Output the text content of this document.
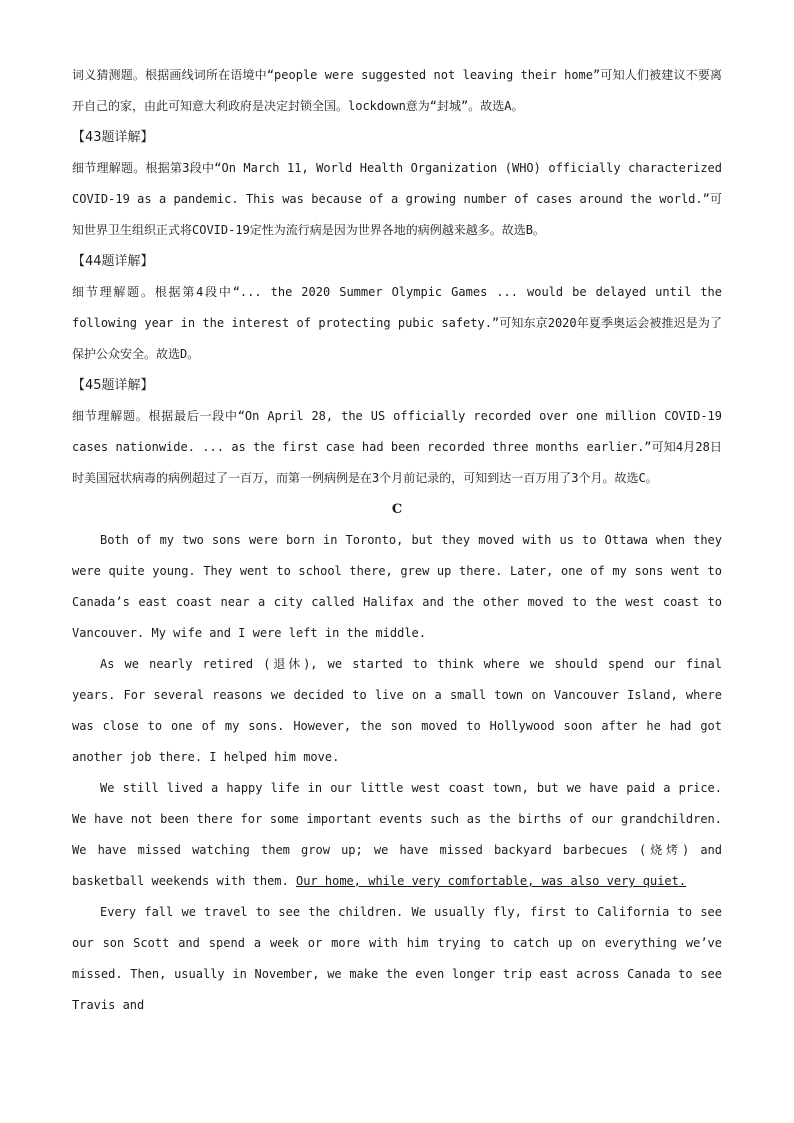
词义猜测题。根据画线词所在语境中“people were suggested not leaving their home”可知人们被建议不要离开自己的家，由此可知意大利政府是决定封锁全国。lockdown意为“封城”。故选A。

【43题详解】

细节理解题。根据第3段中“On March 11, World Health Organization (WHO) officially characterized COVID-19 as a pandemic. This was because of a growing number of cases around the world.”可知世界卫生组织正式将COVID-19定性为流行病是因为世界各地的病例越来越多。故选B。

【44题详解】

细节理解题。根据第4段中“... the 2020 Summer Olympic Games ... would be delayed until the following year in the interest of protecting pubic safety.”可知东京2020年夏季奥运会被推迟是为了保护公众安全。故选D。

【45题详解】

细节理解题。根据最后一段中“On April 28, the US officially recorded over one million COVID-19 cases nationwide. ... as the first case had been recorded three months earlier.”可知4月28日时美国冠状病毒的病例超过了一百万，而第一例病例是在3个月前记录的，可知到达一百万用了3个月。故选C。

C

Both of my two sons were born in Toronto, but they moved with us to Ottawa when they were quite young. They went to school there, grew up there. Later, one of my sons went to Canada’s east coast near a city called Halifax and the other moved to the west coast to Vancouver. My wife and I were left in the middle.

As we nearly retired (退休), we started to think where we should spend our final years. For several reasons we decided to live on a small town on Vancouver Island, where was close to one of my sons. However, the son moved to Hollywood soon after he had got another job there. I helped him move.

We still lived a happy life in our little west coast town, but we have paid a price. We have not been there for some important events such as the births of our grandchildren. We have missed watching them grow up; we have missed backyard barbecues (烧烤) and basketball weekends with them. Our home, while very comfortable, was also very quiet.

Every fall we travel to see the children. We usually fly, first to California to see our son Scott and spend a week or more with him trying to catch up on everything we’ve missed. Then, usually in November, we make the even longer trip east across Canada to see Travis and
